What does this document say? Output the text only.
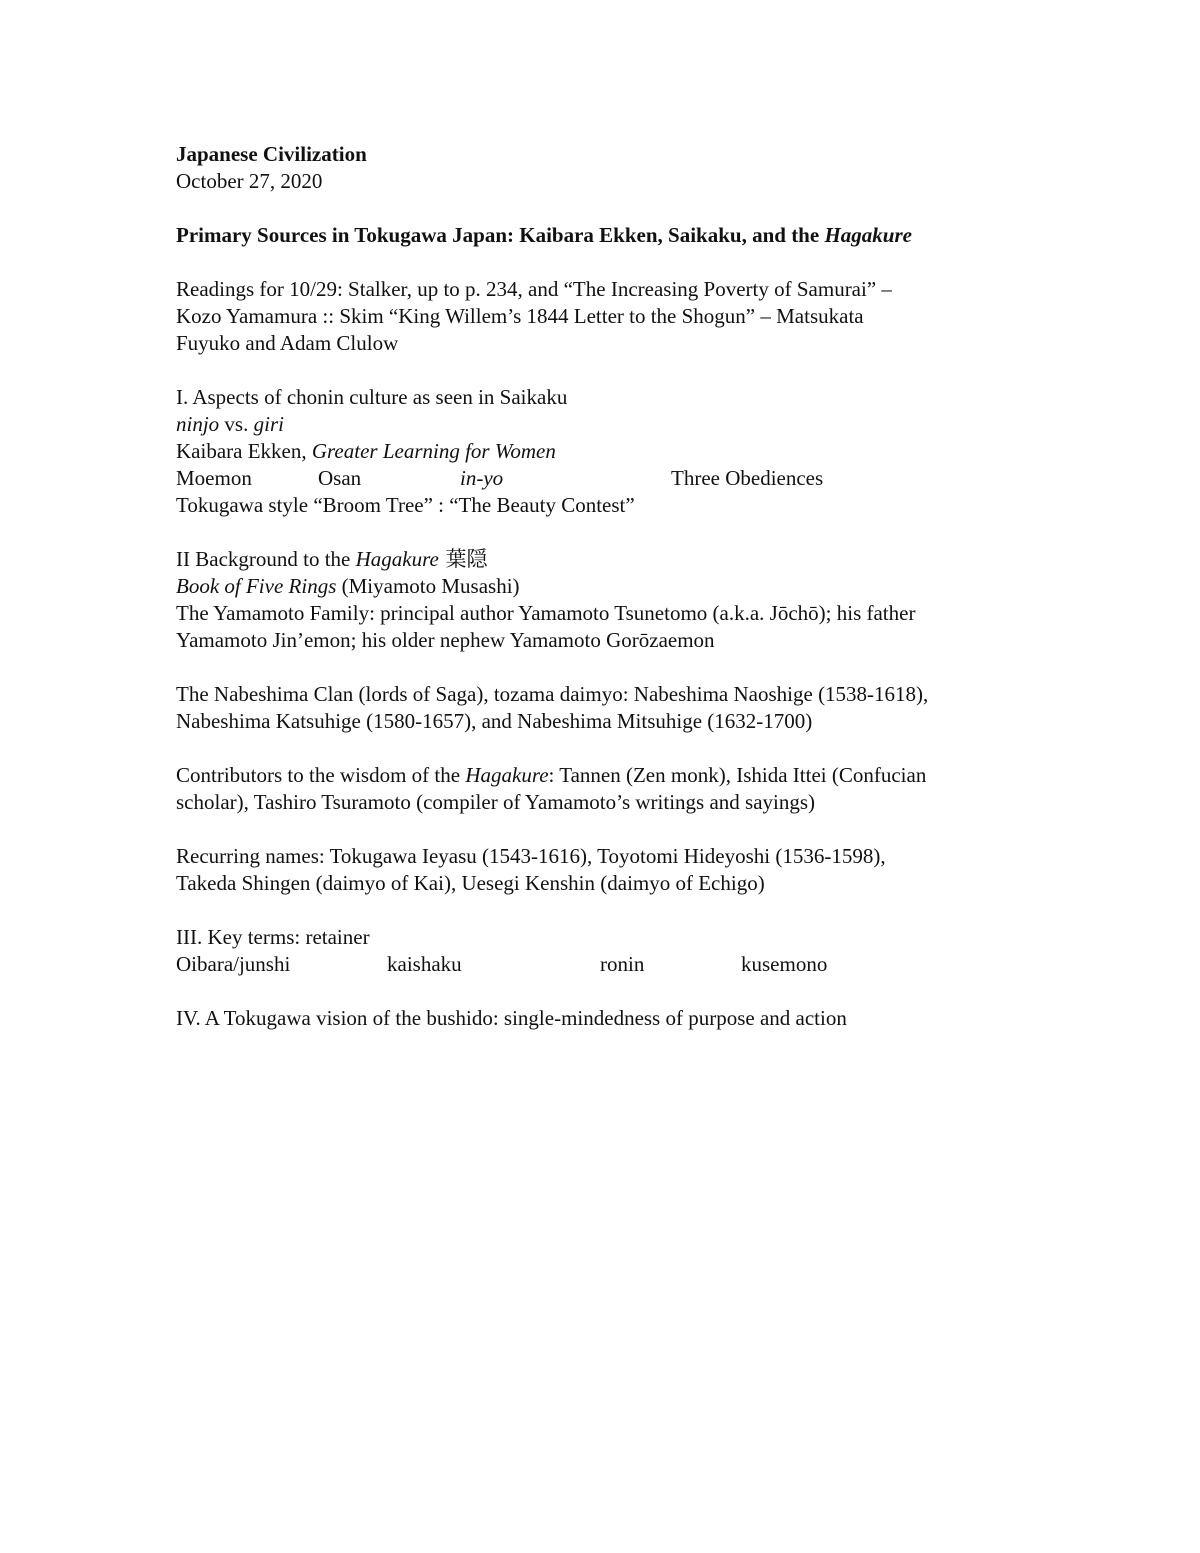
Japanese Civilization
October 27, 2020
Primary Sources in Tokugawa Japan: Kaibara Ekken, Saikaku, and the Hagakure
Readings for 10/29: Stalker, up to p. 234, and “The Increasing Poverty of Samurai” –
Kozo Yamamura :: Skim “King Willem’s 1844 Letter to the Shogun” – Matsukata
Fuyuko and Adam Clulow
I. Aspects of chonin culture as seen in Saikaku
ninjo vs. giri
Kaibara Ekken, Greater Learning for Women
Moemon	Osan	in-yo	Three Obediences
Tokugawa style “Broom Tree” : “The Beauty Contest”
II Background to the Hagakure 葉隠
Book of Five Rings (Miyamoto Musashi)
The Yamamoto Family: principal author Yamamoto Tsunetomo (a.k.a. Jōchō); his father
Yamamoto Jin’emon; his older nephew Yamamoto Gorōzaemon
The Nabeshima Clan (lords of Saga), tozama daimyo: Nabeshima Naoshige (1538-1618),
Nabeshima Katsuhige (1580-1657), and Nabeshima Mitsuhige (1632-1700)
Contributors to the wisdom of the Hagakure: Tannen (Zen monk), Ishida Ittei (Confucian
scholar), Tashiro Tsuramoto (compiler of Yamamoto’s writings and sayings)
Recurring names: Tokugawa Ieyasu (1543-1616), Toyotomi Hideyoshi (1536-1598),
Takeda Shingen (daimyo of Kai), Uesegi Kenshin (daimyo of Echigo)
III. Key terms: retainer
Oibara/junshi	kaishaku	ronin	kusemono
IV. A Tokugawa vision of the bushido: single-mindedness of purpose and action
